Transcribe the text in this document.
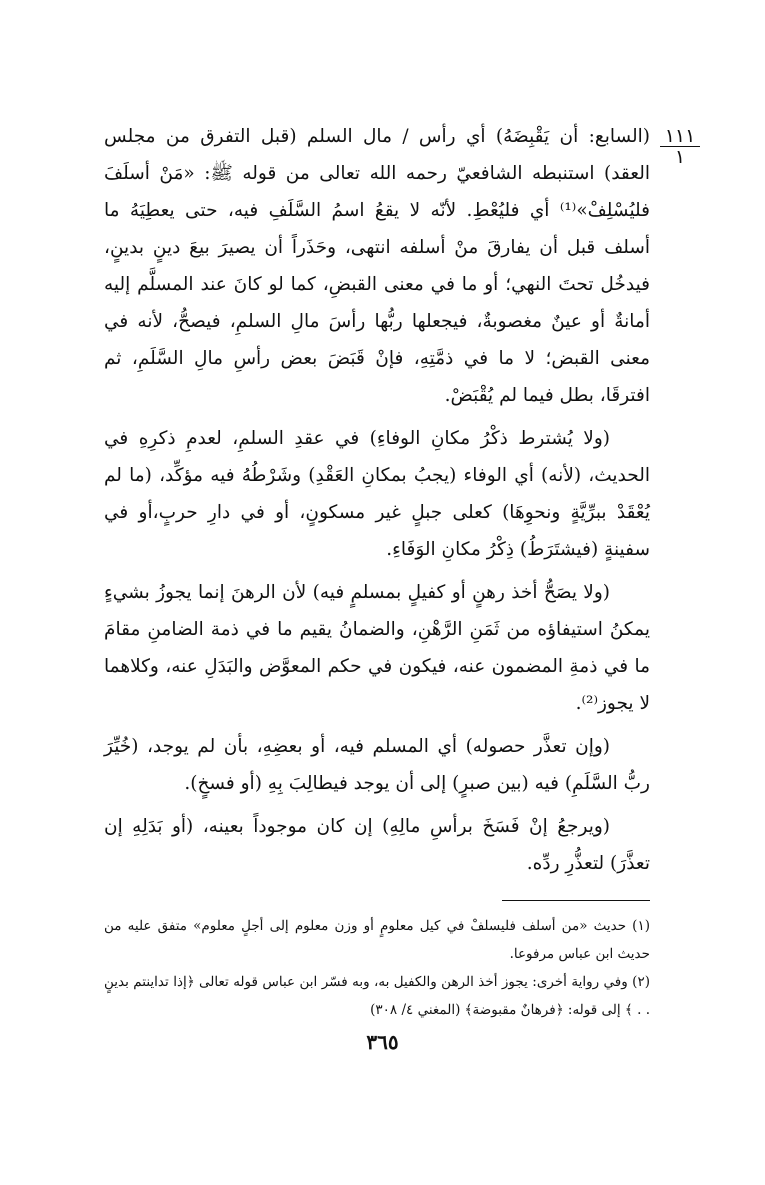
١١١
١

(السابع: أن يَقْبِضَهُ) أي رأس / مال السلم (قبل التفرق من مجلس العقد) استنبطه الشافعيّ رحمه الله تعالى من قوله ﷺ: «مَنْ أسلَفَ فليُسْلِفْ»⁽¹⁾ أي فليُعْطِ. لأنّه لا يقعُ اسمُ السَّلَفِ فيه، حتى يعطِيَهُ ما أسلف قبل أن يفارقَ منْ أسلفه انتهى، وحَذَراً أن يصيرَ بيعَ دينٍ بدينٍ، فيدخُل تحتَ النهي؛ أو ما في معنى القبضِ، كما لو كانَ عند المسلَّم إليه أمانةٌ أو عينٌ مغصوبةٌ، فيجعلها ربُّها رأسَ مالِ السلمِ، فيصحُّ، لأنه في معنى القبض؛ لا ما في ذمَّتِهِ، فإنْ قَبَضَ بعض رأسِ مالِ السَّلَمِ، ثم افترقَا، بطل فيما لم يُقْبَضْ.

(ولا يُشترط ذكْرُ مكانِ الوفاءِ) في عقدِ السلمِ، لعدمِ ذكرِهِ في الحديث، (لأنه) أي الوفاء (يجبُ بمكانِ العَقْدِ) وشَرْطُهُ فيه مؤكِّد، (ما لم يُعْقَدْ ببرِّيَّةٍ ونحوِهَا) كعلى جبلٍ غير مسكونٍ، أو في دارِ حربٍ،أو في سفينةٍ (فيشتَرَطُ) ذِكْرُ مكانِ الوَفَاءِ.

(ولا يصَحُّ أخذ رهنٍ أو كفيلٍ بمسلمٍ فيه) لأن الرهنَ إنما يجوزُ بشيءٍ يمكنُ استيفاؤه من ثَمَنِ الرَّهْنِ، والضمانُ يقيم ما في ذمة الضامنِ مقامَ ما في ذمةِ المضمون عنه، فيكون في حكم المعوَّض والبَدَلِ عنه، وكلاهما لا يجوز⁽²⁾.

(وإن تعذَّر حصوله) أي المسلم فيه، أو بعضِهِ، بأن لم يوجد، (خُيِّرَ ربُّ السَّلَمِ) فيه (بين صبرٍ) إلى أن يوجد فيطالِبَ بِهِ (أو فسخٍ).

(ويرجعُ إنْ فَسَخَ برأسِ مالِهِ) إن كان موجوداً بعينه، (أو بَدَلِهِ إن تعذَّرَ) لتعذُّرِ ردِّه.

(١) حديث «من أسلف فليسلفْ في كيل معلومٍ أو وزن معلوم إلى أجلٍ معلوم» متفق عليه من حديث ابن عباس مرفوعا.

(٢) وفي رواية أخرى: يجوز أخذ الرهن والكفيل به، وبه فسّر ابن عباس قوله تعالى ﴿إذا تداينتم بدينٍ . . ﴾ إلى قوله: ﴿فرهانٌ مقبوضة﴾ (المغني ٤/ ٣٠٨)

٣٦٥
